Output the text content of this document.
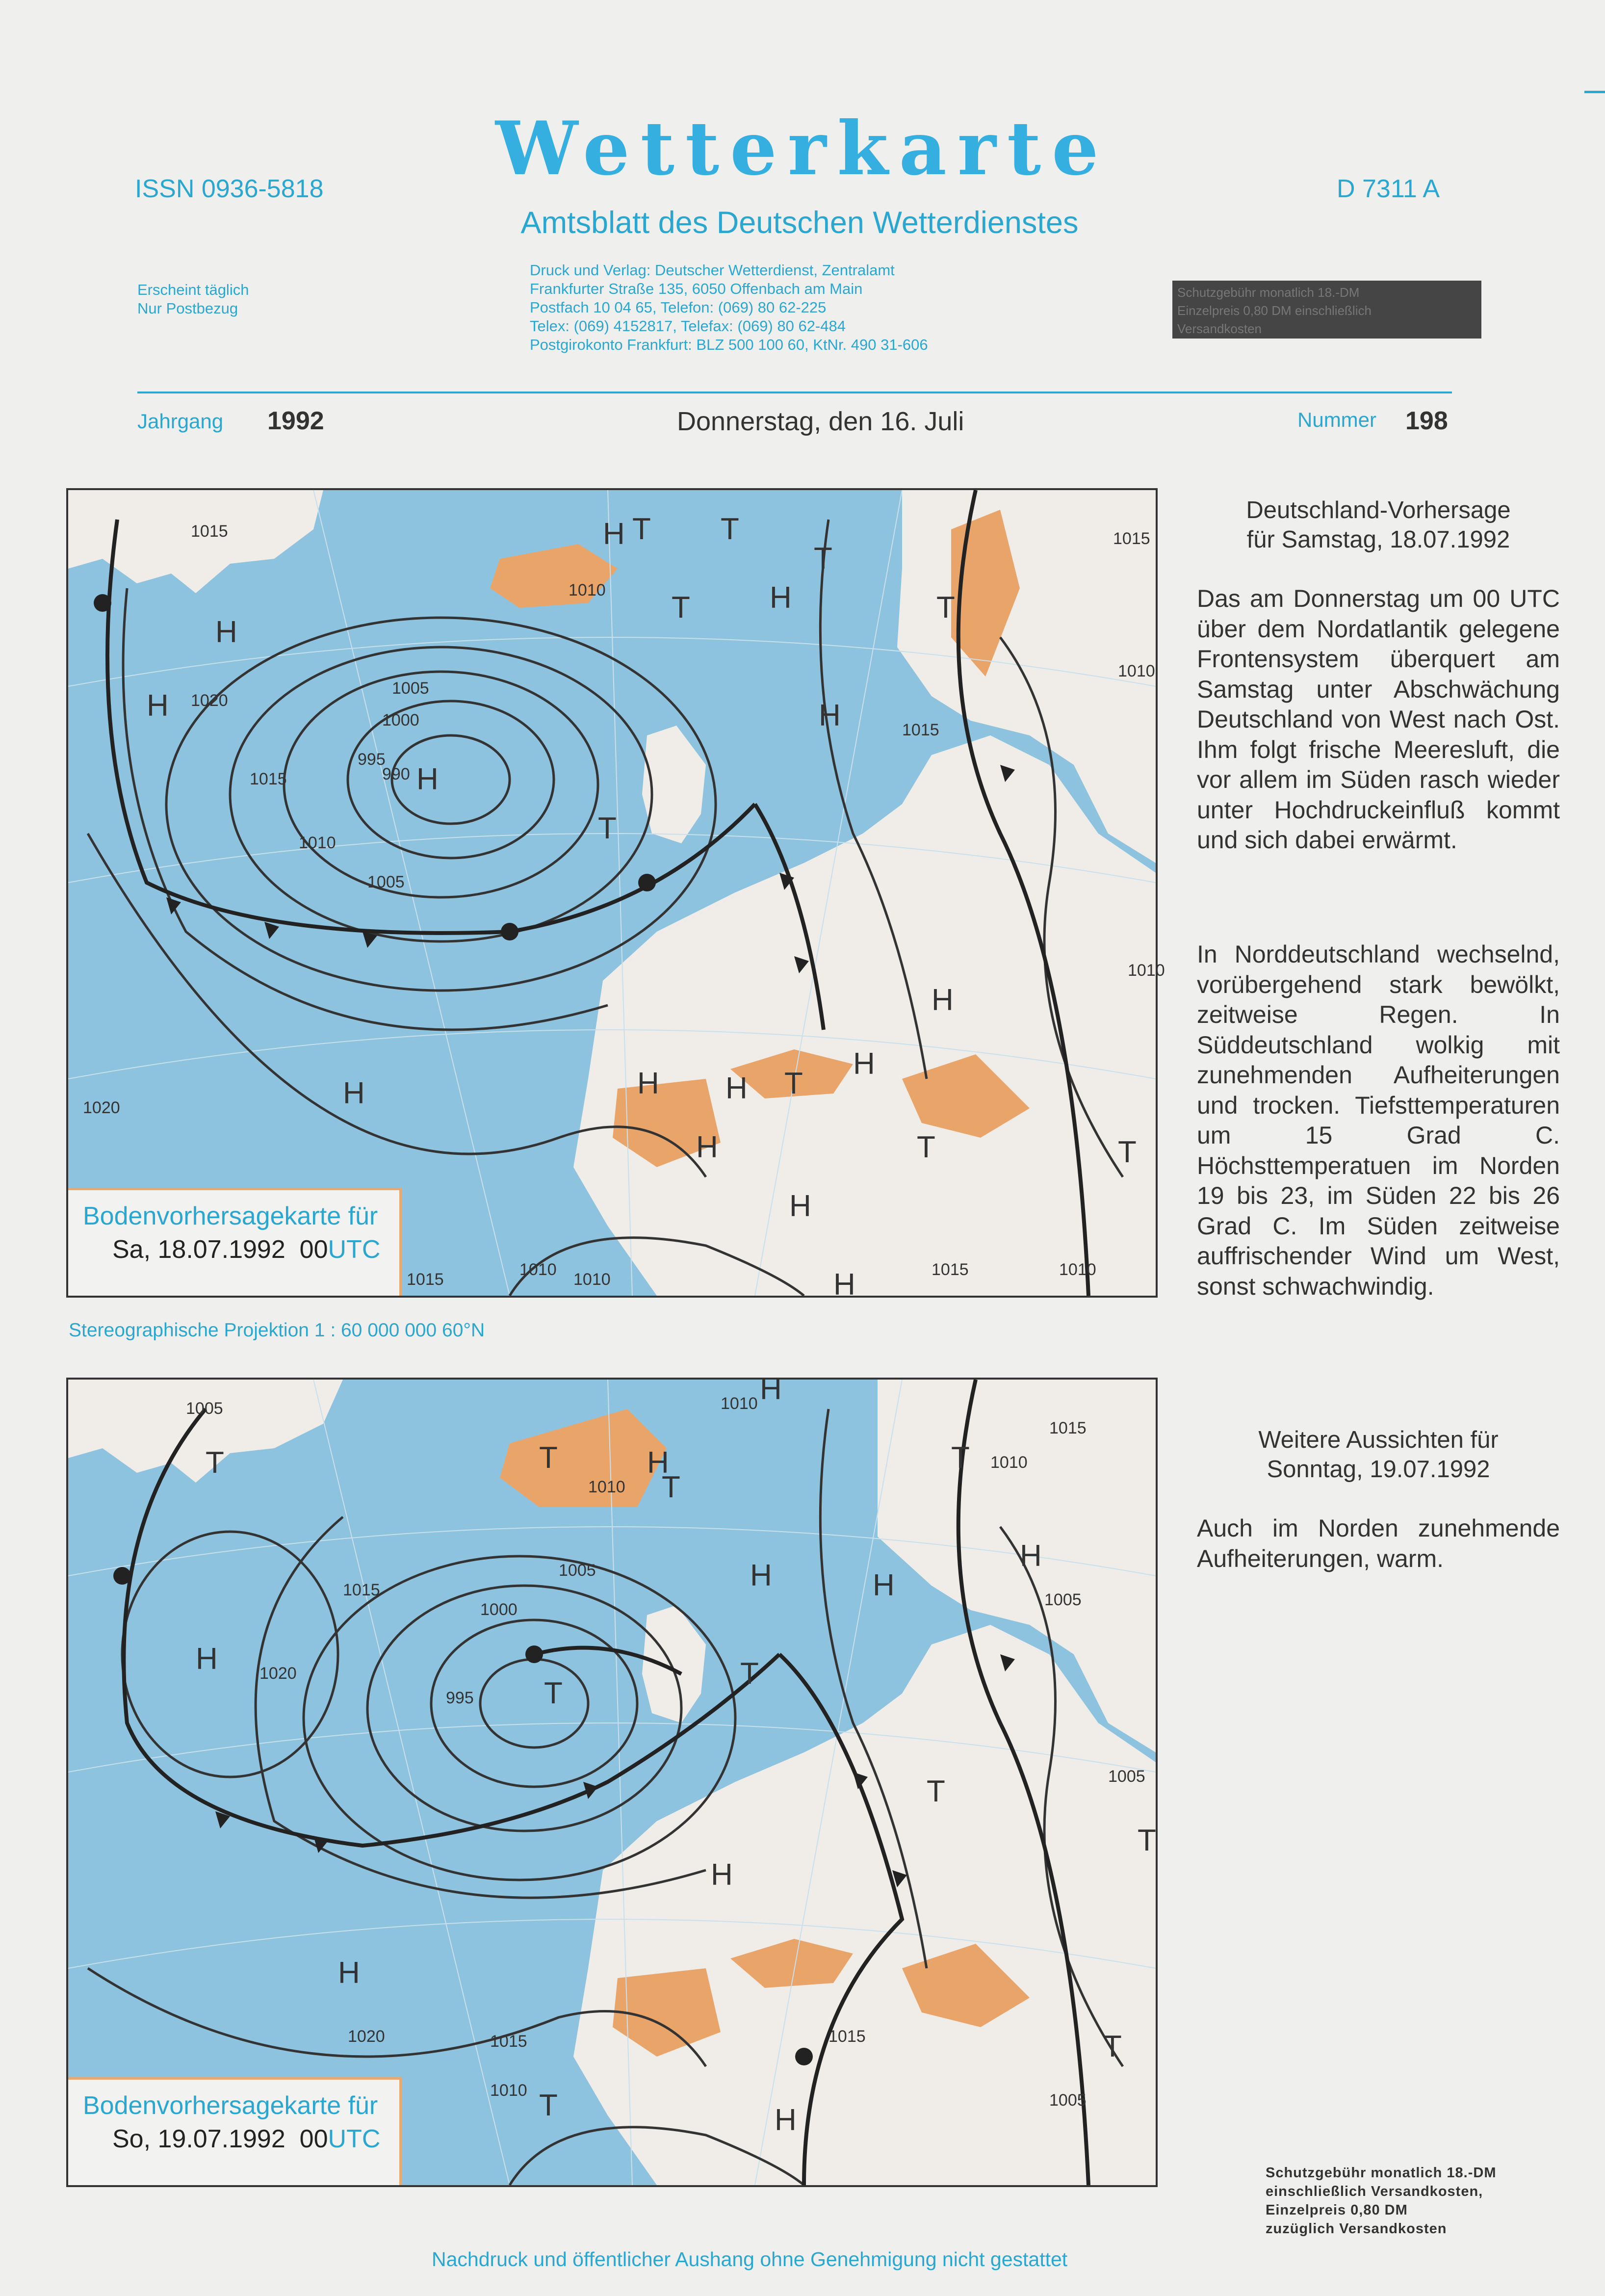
Wetterkarte
Amtsblatt des Deutschen Wetterdienstes
ISSN 0936-5818	D 7311 A
Erscheint täglich
Nur Postbezug
Druck und Verlag: Deutscher Wetterdienst, Zentralamt
Frankfurter Straße 135, 6050 Offenbach am Main
Postfach 10 04 65, Telefon: (069) 80 62-225
Telex: (069) 4152817, Telefax: (069) 80 62-484
Postgirokonto Frankfurt: BLZ 500 100 60, KtNr. 490 31-606
Schutzgebühr monatlich 18.-DM
Einzelpreis 0,80 DM einschließlich
Versandkosten
Jahrgang 1992	Donnerstag, den 16. Juli	Nummer 198
H
H
H T
T
T
T
H
H
T
H
T
H	H H T
H
H
H	T
H
H
T
1015
1010
1005
1000
995
990
1020
1015
1010
1005
1015
1010
1010
1020
1015
1010
1015	1010
1010
1015
Bodenvorhersagekarte für
Sa, 18.07.1992 00UTC
Stereographische Projektion 1 : 60 000 000 60°N
T
H
T	H
T
H
H
T
T
H
T
H
T
H
H
T	H
T
T
1005
1015
1020
1010
1005
1000
995
1010
1010
1015
1005
1005
1010
1015	1015
1020
1005
Bodenvorhersagekarte für
So, 19.07.1992 00UTC
Deutschland-Vorhersage
für Samstag, 18.07.1992
Das am Donnerstag um 00 UTC über dem Nordatlantik gelegene Frontensystem überquert am Samstag unter Abschwächung Deutschland von West nach Ost. Ihm folgt frische Meeresluft, die vor allem im Süden rasch wieder unter Hochdruckeinfluß kommt und sich dabei erwärmt.
In Norddeutschland wechselnd, vorübergehend stark bewölkt, zeitweise Regen. In Süddeutschland wolkig mit zunehmenden Aufheiterungen und trocken. Tiefsttemperaturen um 15 Grad C. Höchsttemperatuen im Norden 19 bis 23, im Süden 22 bis 26 Grad C. Im Süden zeitweise auffrischender Wind um West, sonst schwachwindig.
Weitere Aussichten für
Sonntag, 19.07.1992
Auch im Norden zunehmende Aufheiterungen, warm.
Schutzgebühr monatlich 18.-DM
einschließlich Versandkosten,
Einzelpreis 0,80 DM
zuzüglich Versandkosten
Nachdruck und öffentlicher Aushang ohne Genehmigung nicht gestattet
